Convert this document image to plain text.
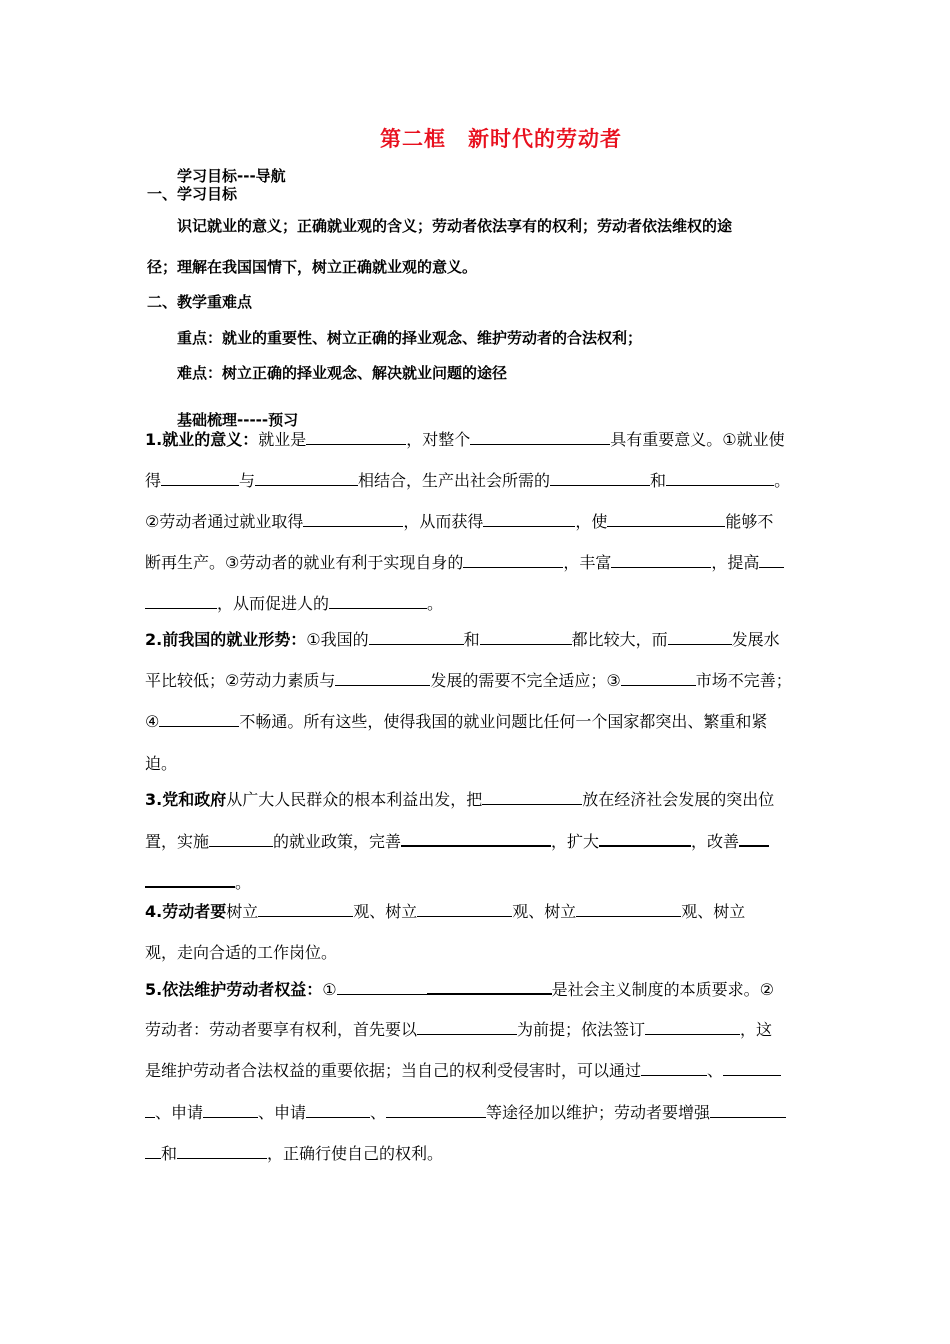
第二框　新时代的劳动者
学习目标---导航
一、学习目标
识记就业的意义；正确就业观的含义；劳动者依法享有的权利；劳动者依法维权的途
径；理解在我国国情下，树立正确就业观的意义。
二、教学重难点
重点：就业的重要性、树立正确的择业观念、维护劳动者的合法权利；
难点：树立正确的择业观念、解决就业问题的途径
基础梳理-----预习
1.就业的意义：就业是	，对整个	具有重要意义。①就业使
得	与	相结合，生产出社会所需的	和	。
②劳动者通过就业取得	，从而获得	，使	能够不
断再生产。③劳动者的就业有利于实现自身的	，丰富	，提高
，从而促进人的	。
2.前我国的就业形势：①我国的	和	都比较大，而	发展水
平比较低；②劳动力素质与	发展的需要不完全适应；③	市场不完善；
④	不畅通。所有这些，使得我国的就业问题比任何一个国家都突出、繁重和紧
迫。
3.党和政府从广大人民群众的根本利益出发，把	放在经济社会发展的突出位
置，实施	的就业政策，完善	，扩大	，改善
。
4.劳动者要树立	观、树立	观、树立	观、树立
观，走向合适的工作岗位。
5.依法维护劳动者权益：①	是社会主义制度的本质要求。②
劳动者：劳动者要享有权利，首先要以	为前提；依法签订	，这
是维护劳动者合法权益的重要依据；当自己的权利受侵害时，可以通过	、
、申请	、申请	、	等途径加以维护；劳动者要增强
和	，正确行使自己的权利。
